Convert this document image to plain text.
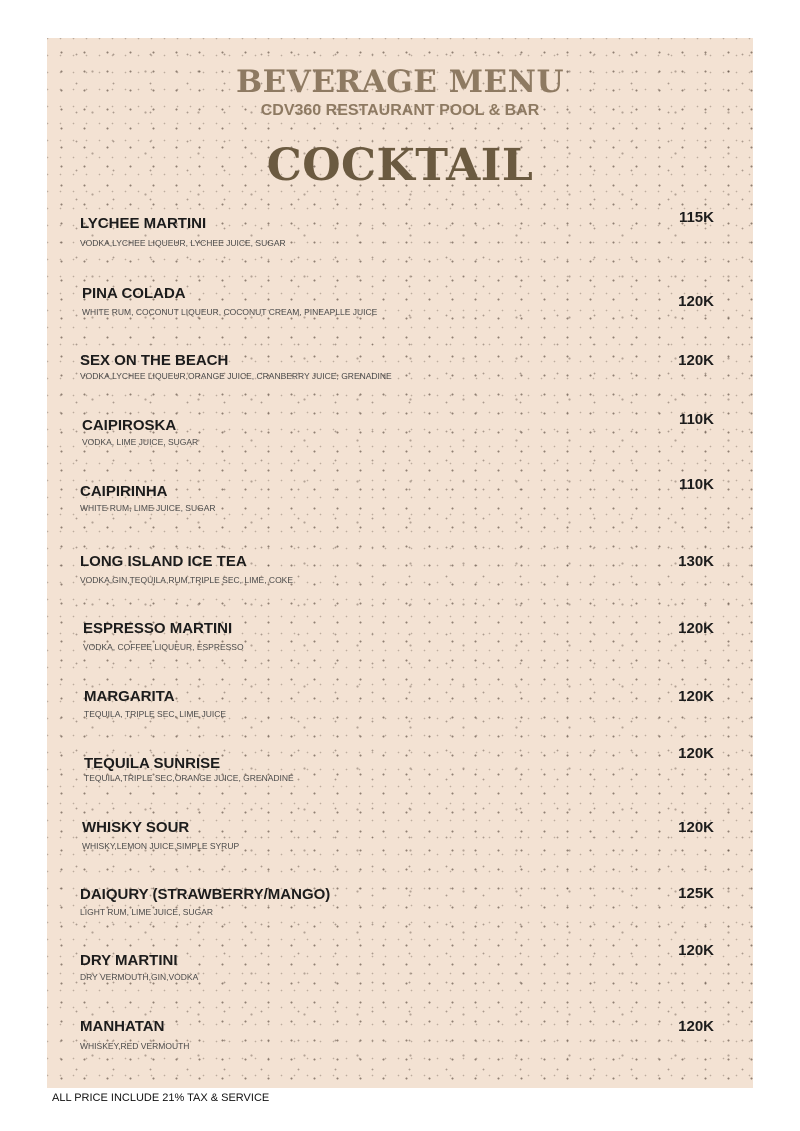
BEVERAGE MENU
CDV360 RESTAURANT POOL & BAR
COCKTAIL
LYCHEE MARTINI
VODKA,LYCHEE LIQUEUR, LYCHEE JUICE, SUGAR
115K
PINA COLADA
WHITE RUM, COCONUT LIQUEUR, COCONUT CREAM, PINEAPLLE JUICE
120K
SEX ON THE BEACH
VODKA,LYCHEE LIQUEUR,ORANGE JUICE, CRANBERRY JUICE, GRENADINE
120K
CAIPIROSKA
VODKA, LIME JUICE, SUGAR
110K
CAIPIRINHA
WHITE RUM, LIME JUICE, SUGAR
110K
LONG ISLAND ICE TEA
VODKA,GIN,TEQUILA,RUM,TRIPLE SEC, LIME, COKE
130K
ESPRESSO MARTINI
VODKA, COFFEE LIQUEUR, ESPRESSO
120K
MARGARITA
TEQUILA, TRIPLE SEC, LIME JUICE
120K
TEQUILA SUNRISE
TEQUILA,TRIPLE SEC,ORANGE JUICE, GRENADINE
120K
WHISKY SOUR
WHISKY,LEMON JUICE,SIMPLE SYRUP
120K
DAIQURY (STRAWBERRY/MANGO)
LIGHT RUM, LIME JUICE, SUGAR
125K
DRY MARTINI
DRY VERMOUTH,GIN,VODKA
120K
MANHATAN
WHISKEY,RED VERMOUTH
120K
ALL PRICE INCLUDE 21% TAX & SERVICE
